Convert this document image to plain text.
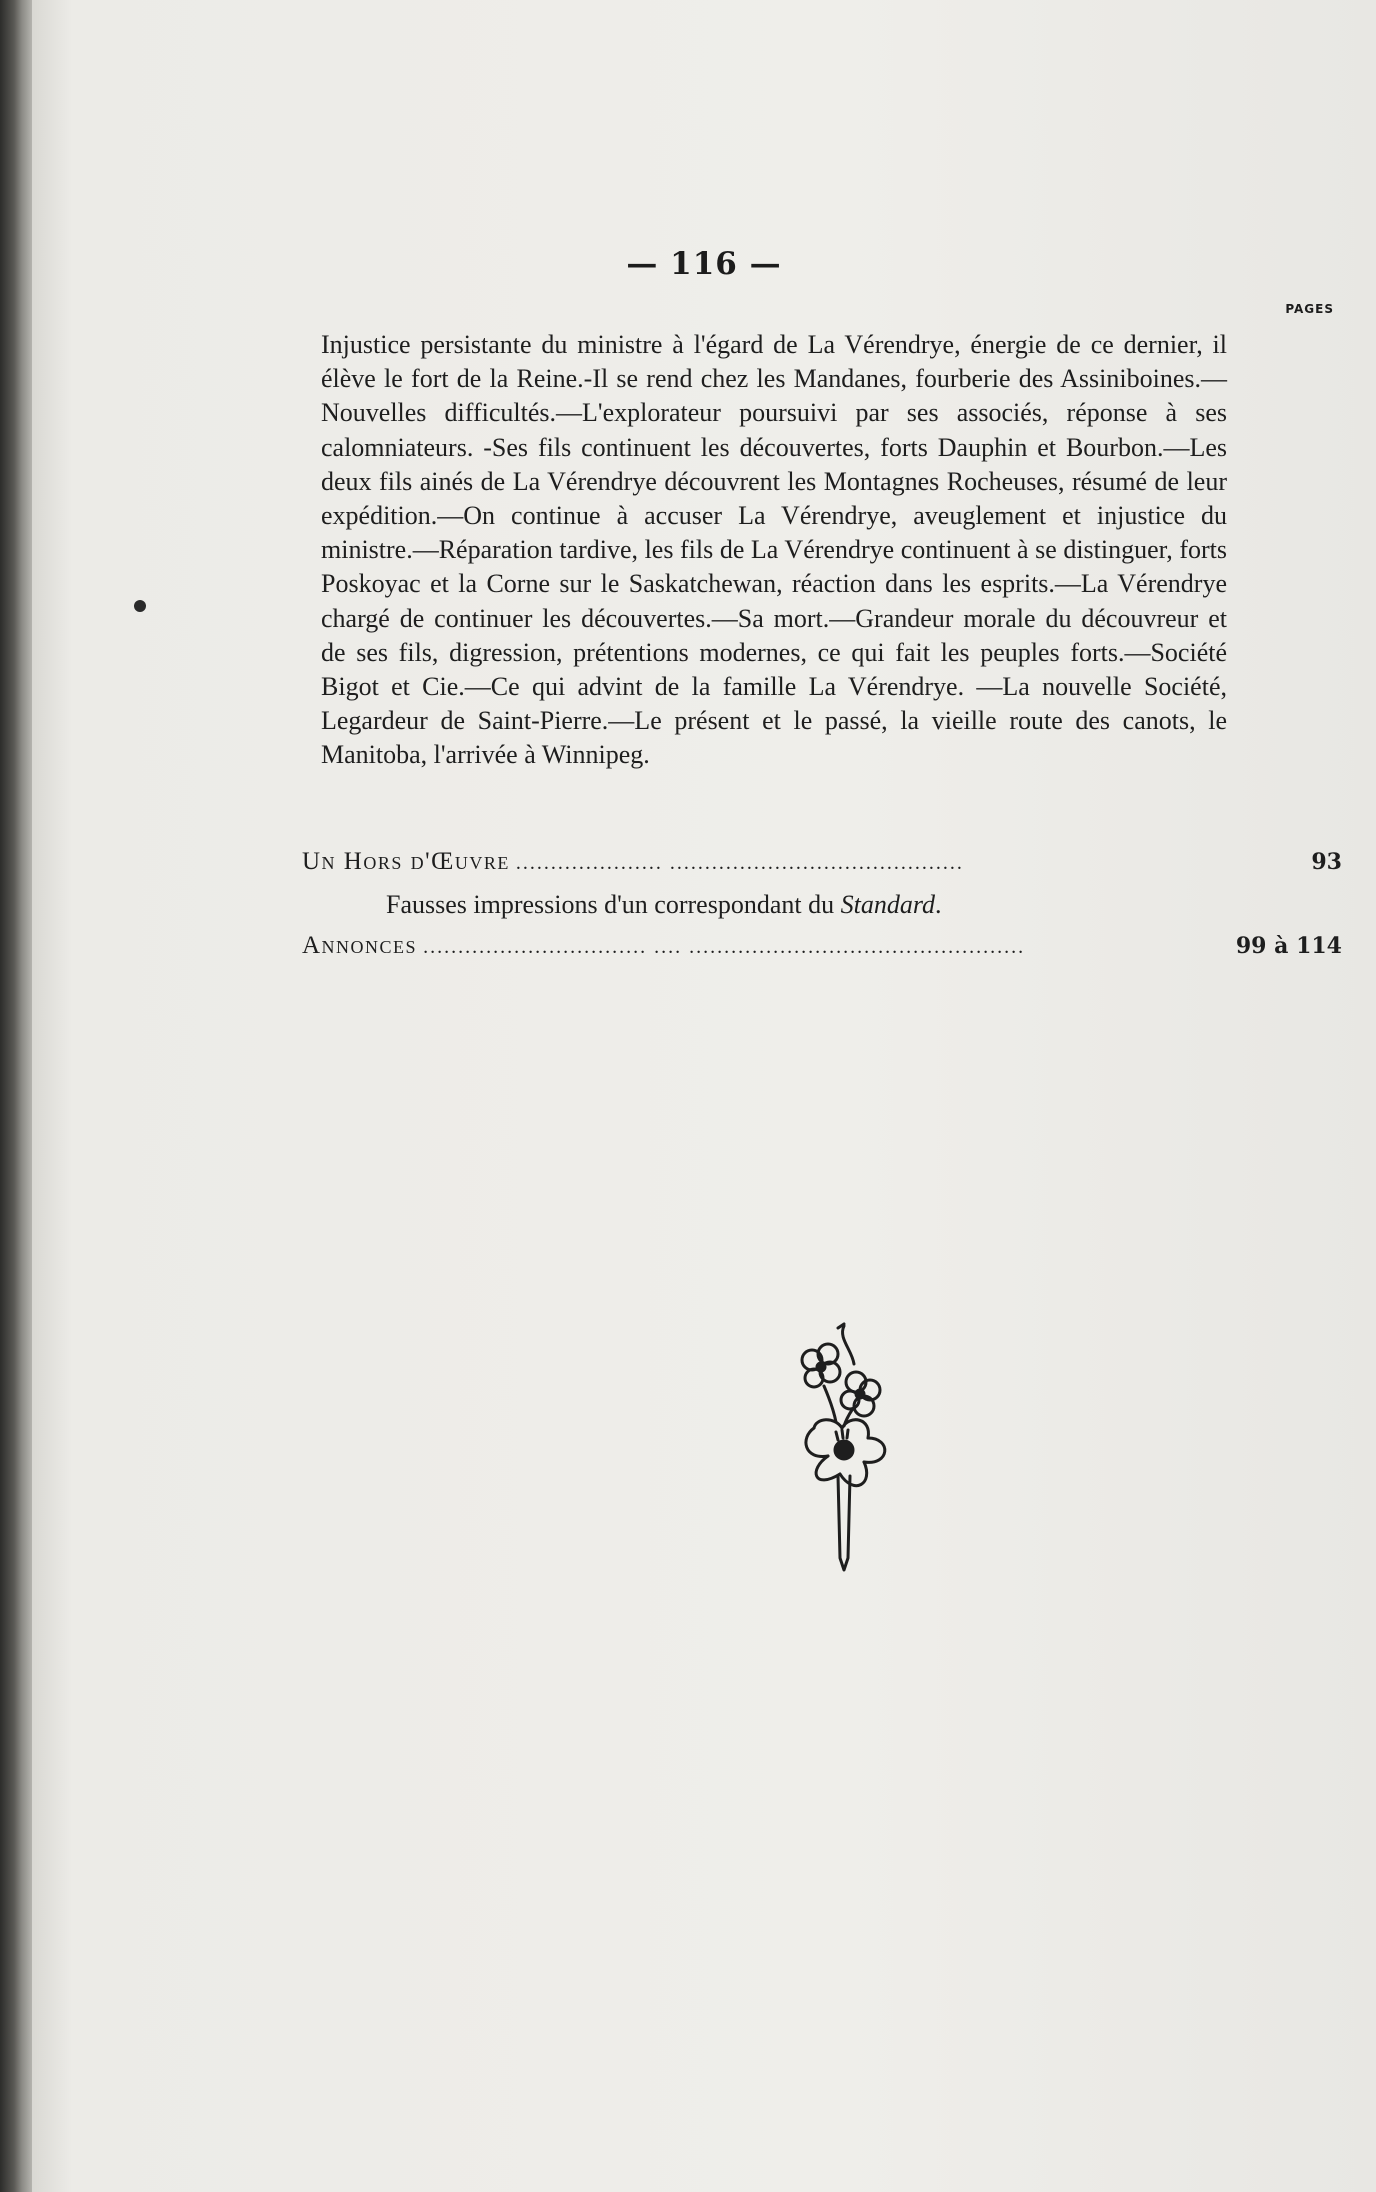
— 116 —
PAGES

Injustice persistante du ministre à l'égard de La Vérendrye, énergie de ce dernier, il élève le fort de la Reine.-Il se rend chez les Mandanes, fourberie des Assiniboines.—Nouvelles difficultés.—L'explorateur poursuivi par ses associés, réponse à ses calomniateurs. -Ses fils continuent les découvertes, forts Dauphin et Bourbon.—Les deux fils ainés de La Vérendrye découvrent les Montagnes Rocheuses, résumé de leur expédition.—On continue à accuser La Vérendrye, aveuglement et injustice du ministre.—Réparation tardive, les fils de La Vérendrye continuent à se distinguer, forts Poskoyac et la Corne sur le Saskatchewan, réaction dans les esprits.—La Vérendrye chargé de continuer les découvertes.—Sa mort.—Grandeur morale du découvreur et de ses fils, digression, prétentions modernes, ce qui fait les peuples forts.—Société Bigot et Cie.—Ce qui advint de la famille La Vérendrye. —La nouvelle Société, Legardeur de Saint-Pierre.—Le présent et le passé, la vieille route des canots, le Manitoba, l'arrivée à Winnipeg.

Un Hors d'Œuvre ..................... ..........................................	93
Fausses impressions d'un correspondant du Standard.
Annonces ................................ .... ................................................	99 à 114
